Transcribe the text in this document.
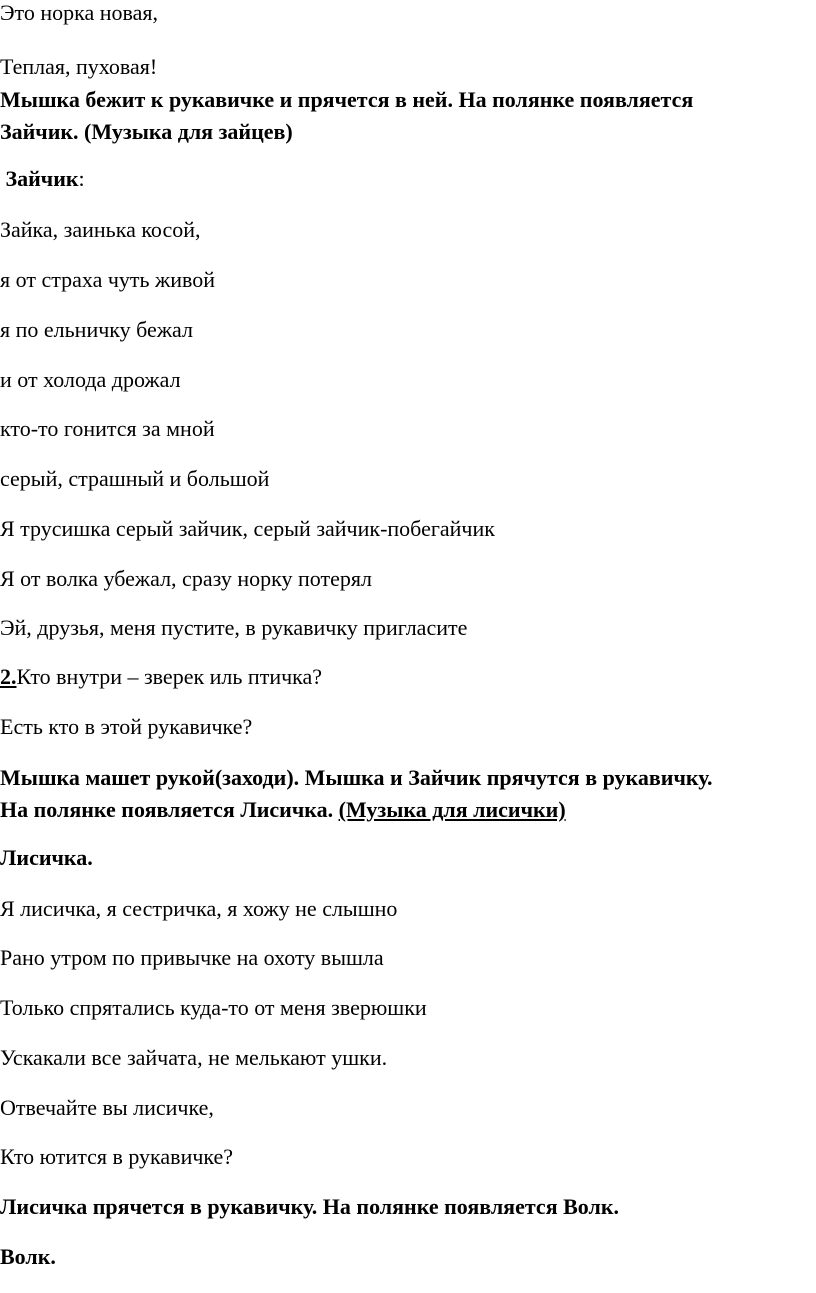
Это норка новая,

Теплая, пуховая!

Мышка бежит к рукавичке и прячется в ней. На полянке появляется

Зайчик. (Музыка для зайцев)

Зайчик:

Зайка, заинька косой,

я от страха чуть живой

я по ельничку бежал

и от холода дрожал

кто-то гонится за мной

серый, страшный и большой

Я трусишка серый зайчик, серый зайчик-побегайчик

Я от волка убежал, сразу норку потерял

Эй, друзья, меня пустите, в рукавичку пригласите

2.Кто внутри – зверек иль птичка?

Есть кто в этой рукавичке?

Мышка машет рукой(заходи). Мышка и Зайчик прячутся в рукавичку.

На полянке появляется Лисичка. (Музыка для лисички)

Лисичка.

Я лисичка, я сестричка, я хожу не слышно

Рано утром по привычке на охоту вышла

Только спрятались куда-то от меня зверюшки

Ускакали все зайчата, не мелькают ушки.

Отвечайте вы лисичке,

Кто ютится в рукавичке?

Лисичка прячется в рукавичку. На полянке появляется Волк.

Волк.
